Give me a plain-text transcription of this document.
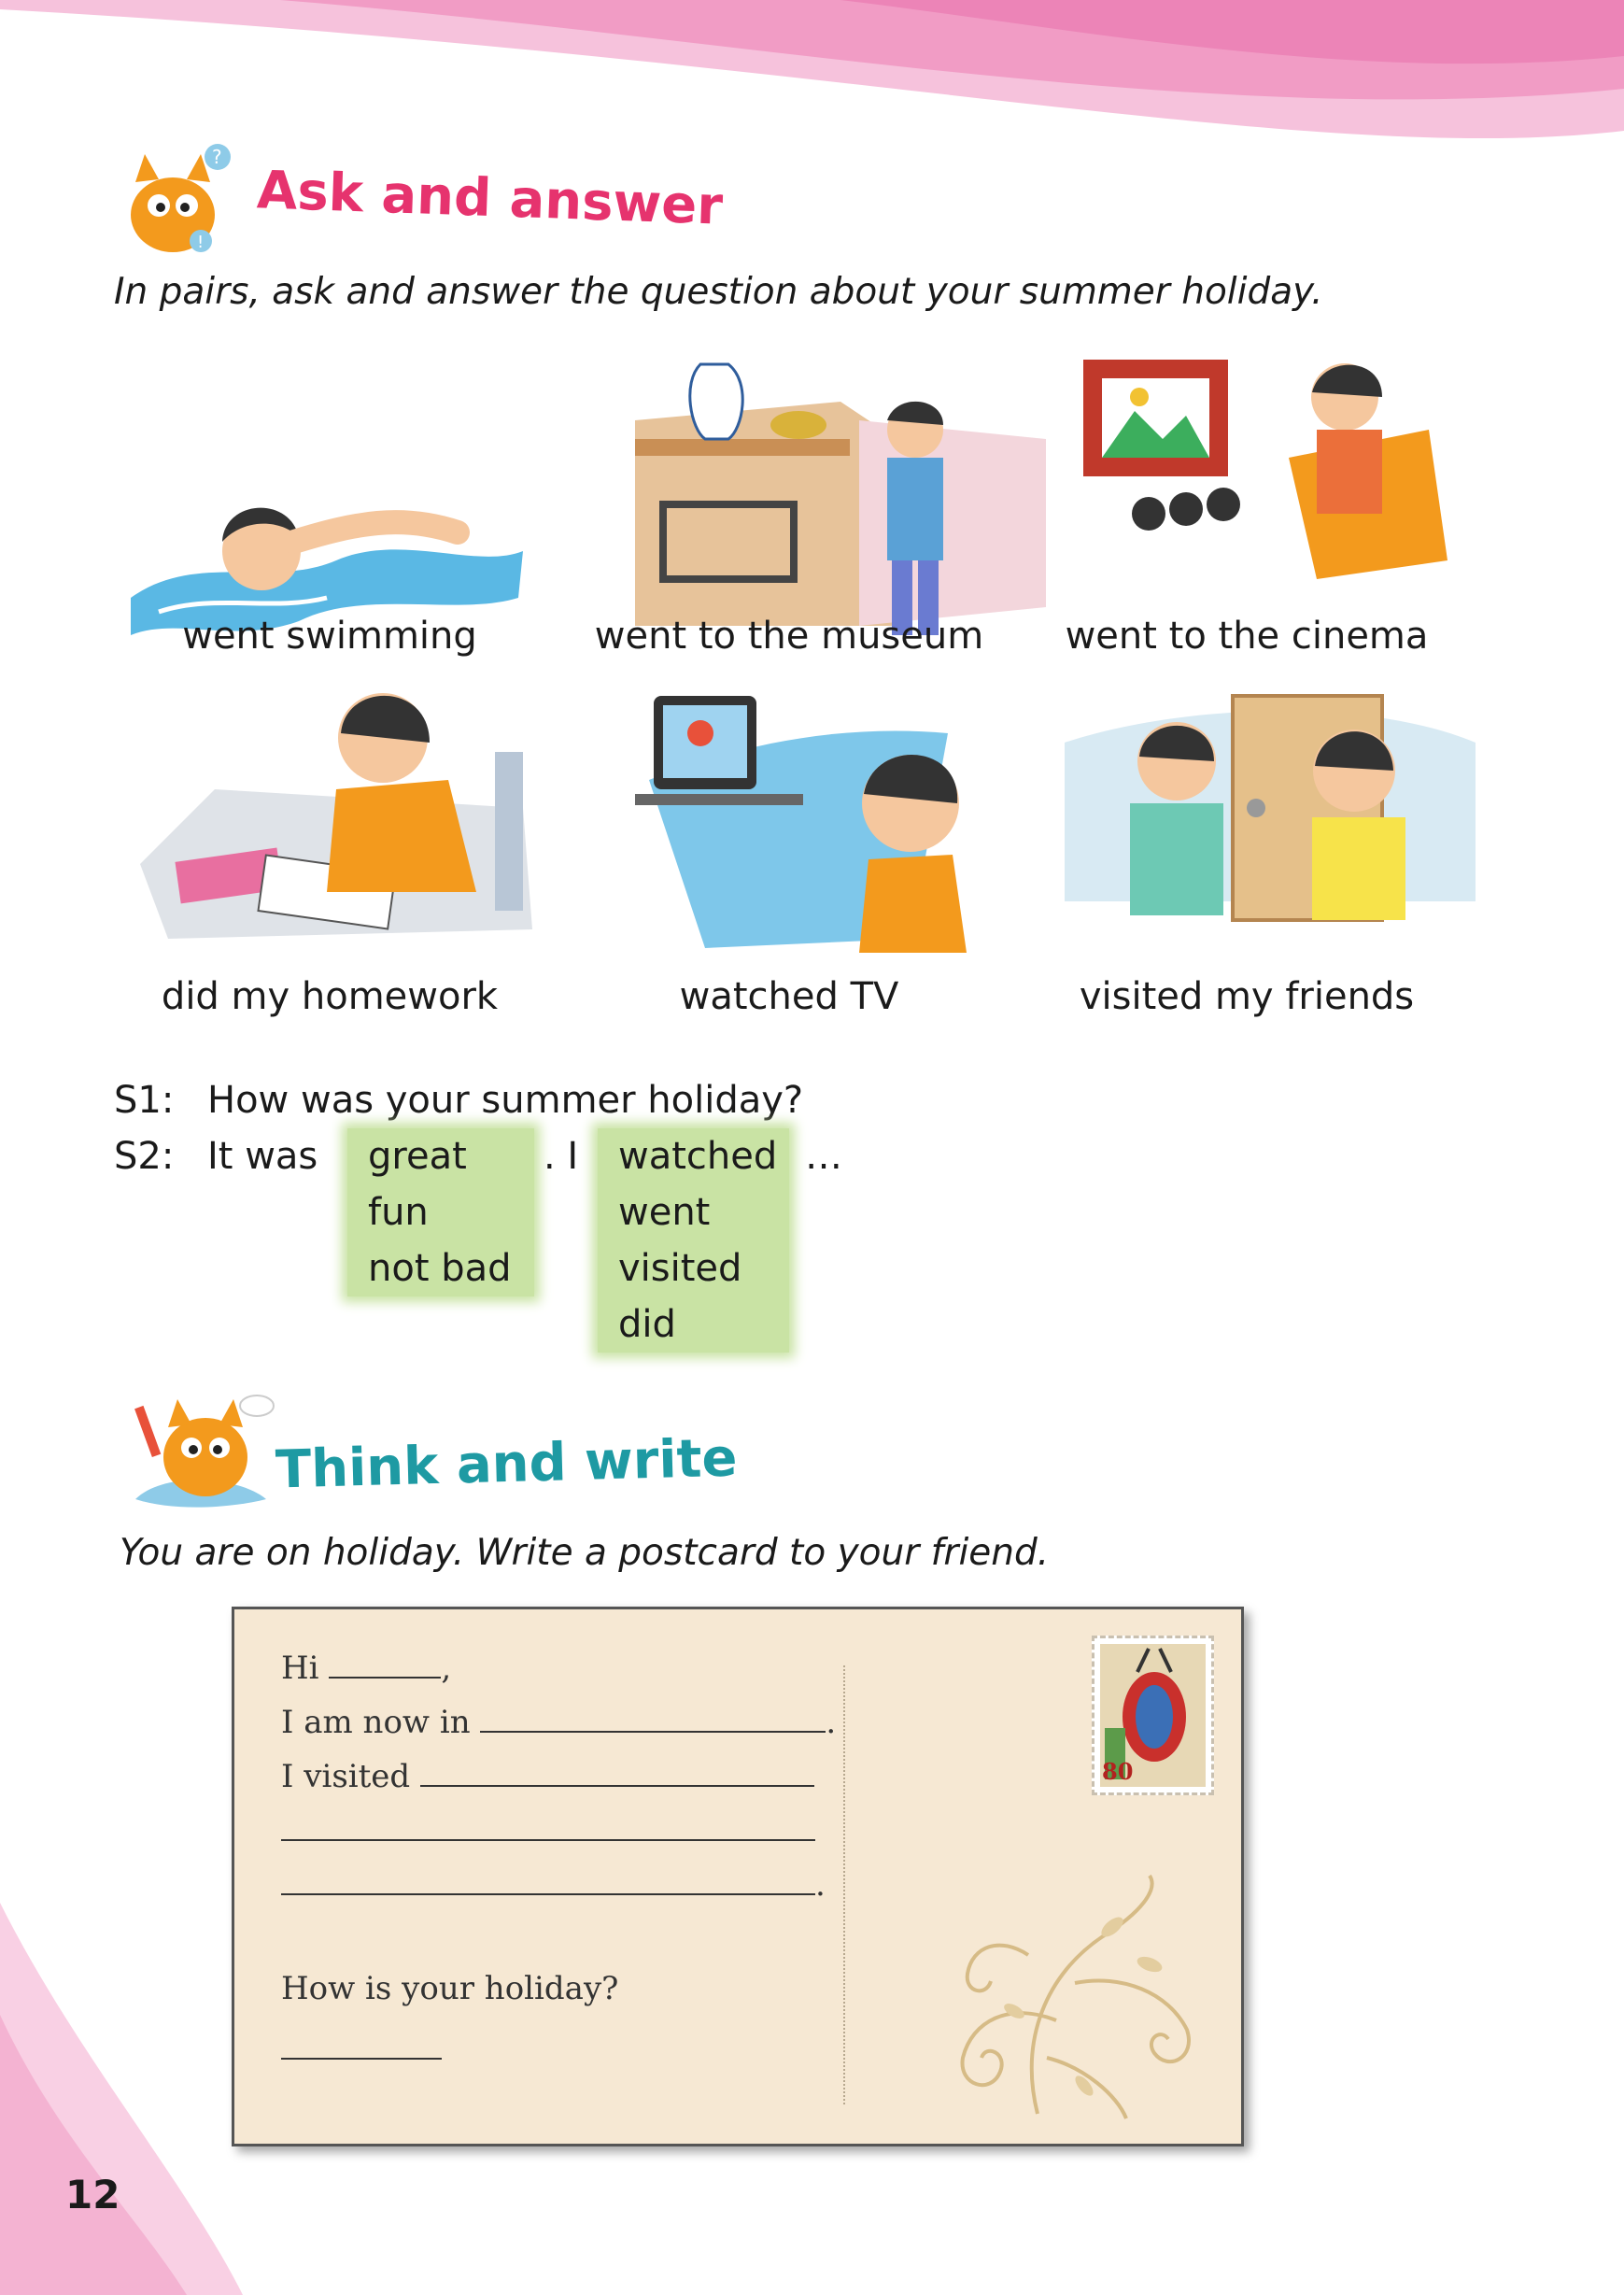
?
!
Ask and answer
In pairs, ask and answer the question about your summer holiday.
went swimming	went to the museum	went to the cinema
did my homework	watched TV	visited my friends
S1: How was your summer holiday?
S2: It was	great
fun
not bad
. I	watched
went
visited
did
…
Think and write
You are on holiday. Write a postcard to your friend.
Hi	,
I am now in	.
I visited
.
How is your holiday?
80
12
